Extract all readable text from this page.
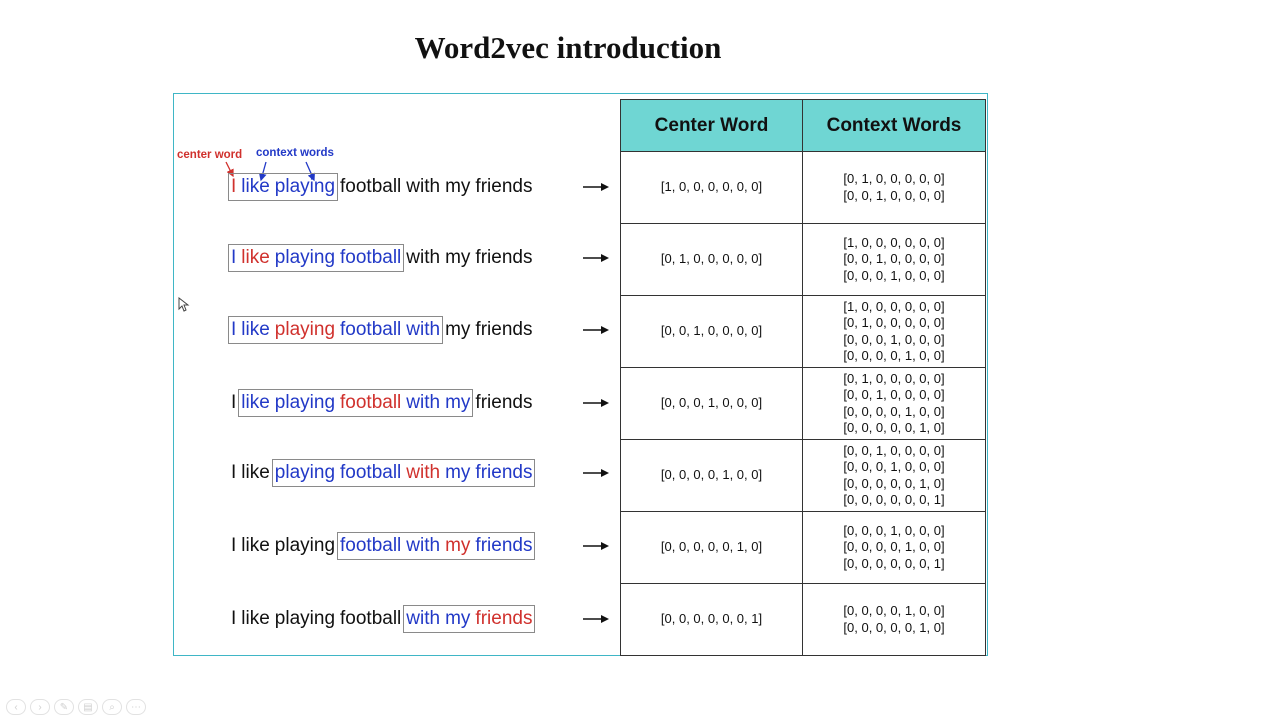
Word2vec introduction
center word context words
I like playing football with my friends
I like playing football with my friends
I like playing football with my friends
I like playing football with my friends
I like playing football with my friends
I like playing football with my friends
I like playing football with my friends
Center Word	Context Words
[1, 0, 0, 0, 0, 0, 0]	[0, 1, 0, 0, 0, 0, 0]
[0, 0, 1, 0, 0, 0, 0]

[0, 1, 0, 0, 0, 0, 0]	[1, 0, 0, 0, 0, 0, 0]
[0, 0, 1, 0, 0, 0, 0]
[0, 0, 0, 1, 0, 0, 0]

[0, 0, 1, 0, 0, 0, 0]	[1, 0, 0, 0, 0, 0, 0]
[0, 1, 0, 0, 0, 0, 0]
[0, 0, 0, 1, 0, 0, 0]
[0, 0, 0, 0, 1, 0, 0]

[0, 0, 0, 1, 0, 0, 0]	[0, 1, 0, 0, 0, 0, 0]
[0, 0, 1, 0, 0, 0, 0]
[0, 0, 0, 0, 1, 0, 0]
[0, 0, 0, 0, 0, 1, 0]

[0, 0, 0, 0, 1, 0, 0]	[0, 0, 1, 0, 0, 0, 0]
[0, 0, 0, 1, 0, 0, 0]
[0, 0, 0, 0, 0, 1, 0]
[0, 0, 0, 0, 0, 0, 1]

[0, 0, 0, 0, 0, 1, 0]	[0, 0, 0, 1, 0, 0, 0]
[0, 0, 0, 0, 1, 0, 0]
[0, 0, 0, 0, 0, 0, 1]

[0, 0, 0, 0, 0, 0, 1]	[0, 0, 0, 0, 1, 0, 0]
[0, 0, 0, 0, 0, 1, 0]
‹	›	✎	▤	⌕	⋯
